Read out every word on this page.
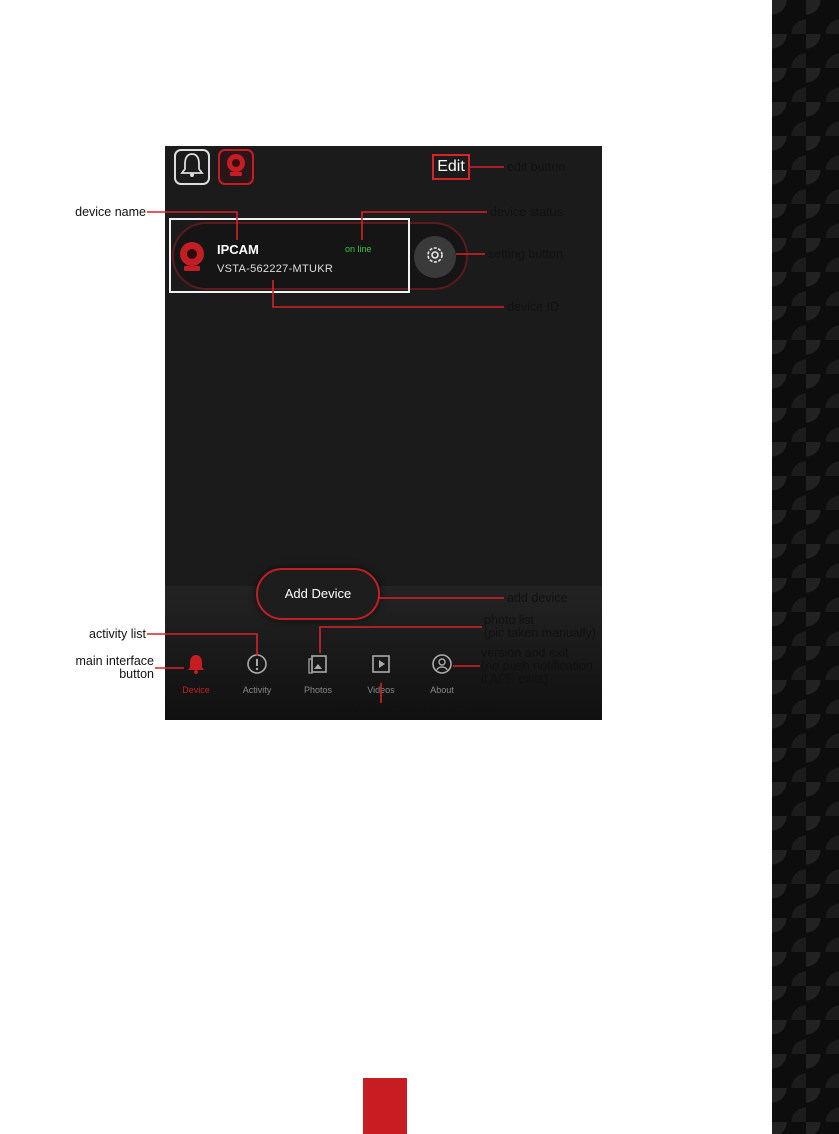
Edit
IPCAM	on line
VSTA-562227-MTUKR
Add Device
Device	Activity	Photos	Videos	About
edit button
device name	device status
setting button
device ID
add device
activity list
photo list
(pic taken manually)
main interface
button
version and exit
(no push notification
if APP exits)
video list (manually recorded)
